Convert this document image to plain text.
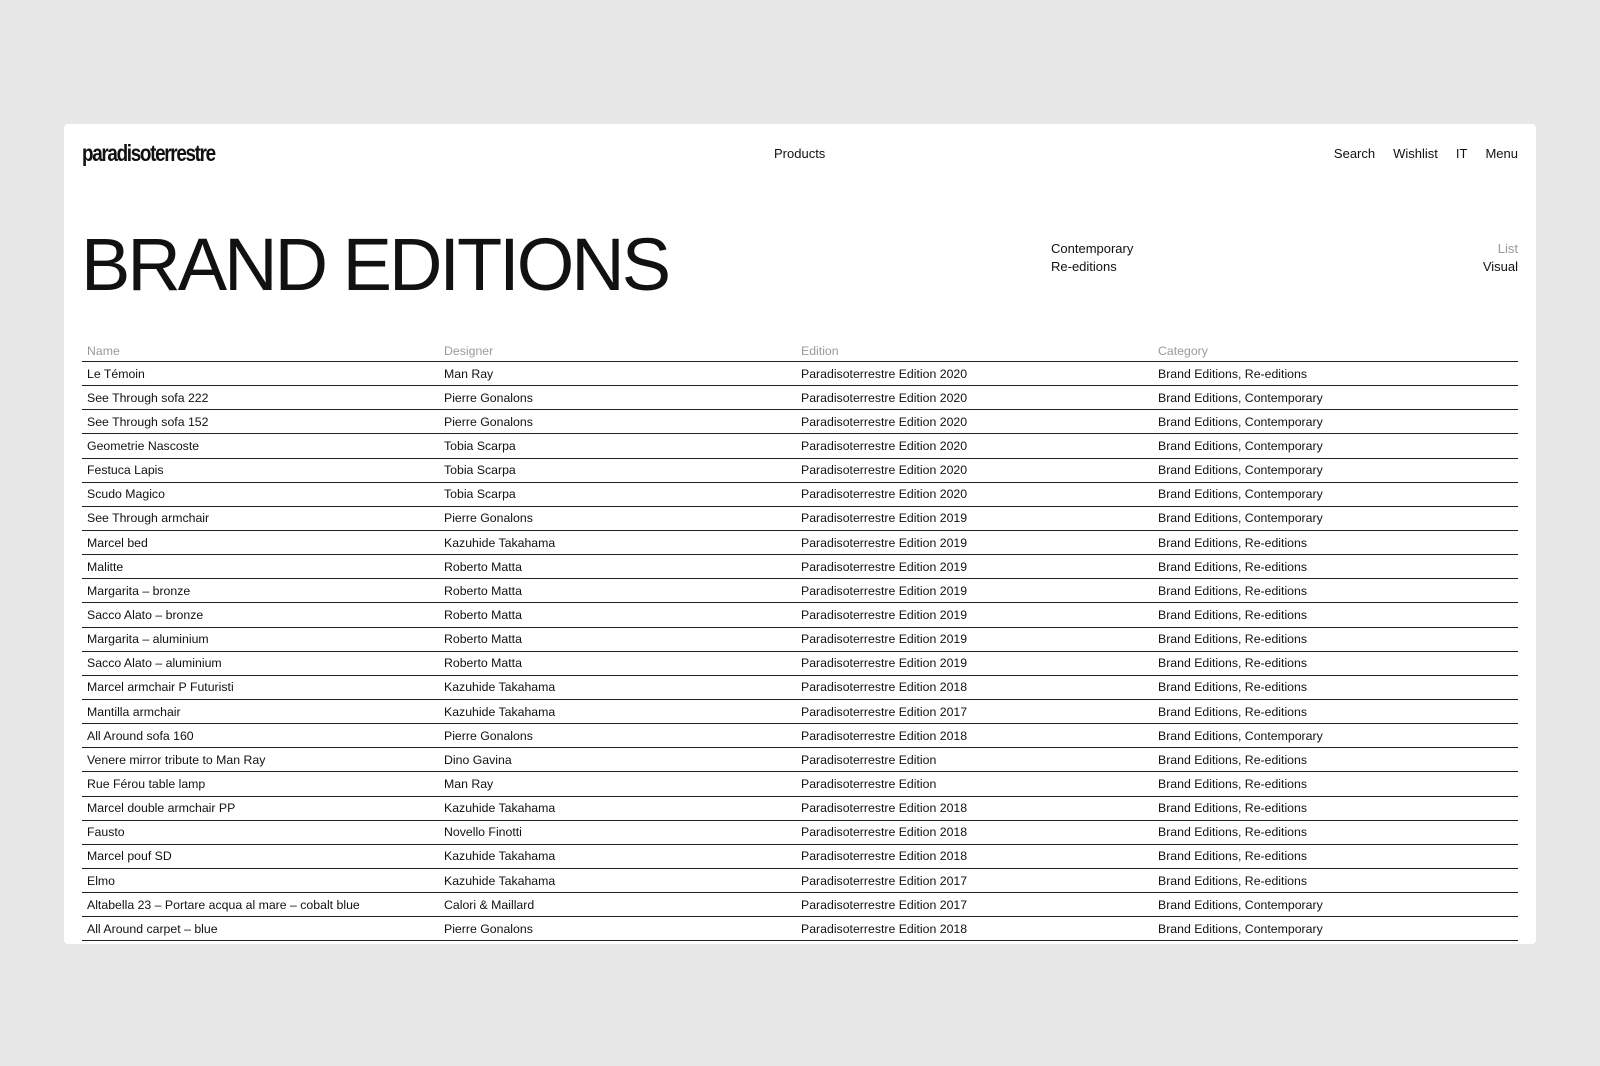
paradisoterrestre	Products	Search Wishlist IT Menu
BRAND EDITIONS	Contemporary
Re-editions
List
Visual
Name	Designer	Edition	Category
Le Témoin	Man Ray	Paradisoterrestre Edition 2020	Brand Editions, Re-editions
See Through sofa 222	Pierre Gonalons	Paradisoterrestre Edition 2020	Brand Editions, Contemporary
See Through sofa 152	Pierre Gonalons	Paradisoterrestre Edition 2020	Brand Editions, Contemporary
Geometrie Nascoste	Tobia Scarpa	Paradisoterrestre Edition 2020	Brand Editions, Contemporary
Festuca Lapis	Tobia Scarpa	Paradisoterrestre Edition 2020	Brand Editions, Contemporary
Scudo Magico	Tobia Scarpa	Paradisoterrestre Edition 2020	Brand Editions, Contemporary
See Through armchair	Pierre Gonalons	Paradisoterrestre Edition 2019	Brand Editions, Contemporary
Marcel bed	Kazuhide Takahama	Paradisoterrestre Edition 2019	Brand Editions, Re-editions
Malitte	Roberto Matta	Paradisoterrestre Edition 2019	Brand Editions, Re-editions
Margarita – bronze	Roberto Matta	Paradisoterrestre Edition 2019	Brand Editions, Re-editions
Sacco Alato – bronze	Roberto Matta	Paradisoterrestre Edition 2019	Brand Editions, Re-editions
Margarita – aluminium	Roberto Matta	Paradisoterrestre Edition 2019	Brand Editions, Re-editions
Sacco Alato – aluminium	Roberto Matta	Paradisoterrestre Edition 2019	Brand Editions, Re-editions
Marcel armchair P Futuristi	Kazuhide Takahama	Paradisoterrestre Edition 2018	Brand Editions, Re-editions
Mantilla armchair	Kazuhide Takahama	Paradisoterrestre Edition 2017	Brand Editions, Re-editions
All Around sofa 160	Pierre Gonalons	Paradisoterrestre Edition 2018	Brand Editions, Contemporary
Venere mirror tribute to Man Ray	Dino Gavina	Paradisoterrestre Edition	Brand Editions, Re-editions
Rue Férou table lamp	Man Ray	Paradisoterrestre Edition	Brand Editions, Re-editions
Marcel double armchair PP	Kazuhide Takahama	Paradisoterrestre Edition 2018	Brand Editions, Re-editions
Fausto	Novello Finotti	Paradisoterrestre Edition 2018	Brand Editions, Re-editions
Marcel pouf SD	Kazuhide Takahama	Paradisoterrestre Edition 2018	Brand Editions, Re-editions
Elmo	Kazuhide Takahama	Paradisoterrestre Edition 2017	Brand Editions, Re-editions
Altabella 23 – Portare acqua al mare – cobalt blue	Calori & Maillard	Paradisoterrestre Edition 2017	Brand Editions, Contemporary
All Around carpet – blue	Pierre Gonalons	Paradisoterrestre Edition 2018	Brand Editions, Contemporary
